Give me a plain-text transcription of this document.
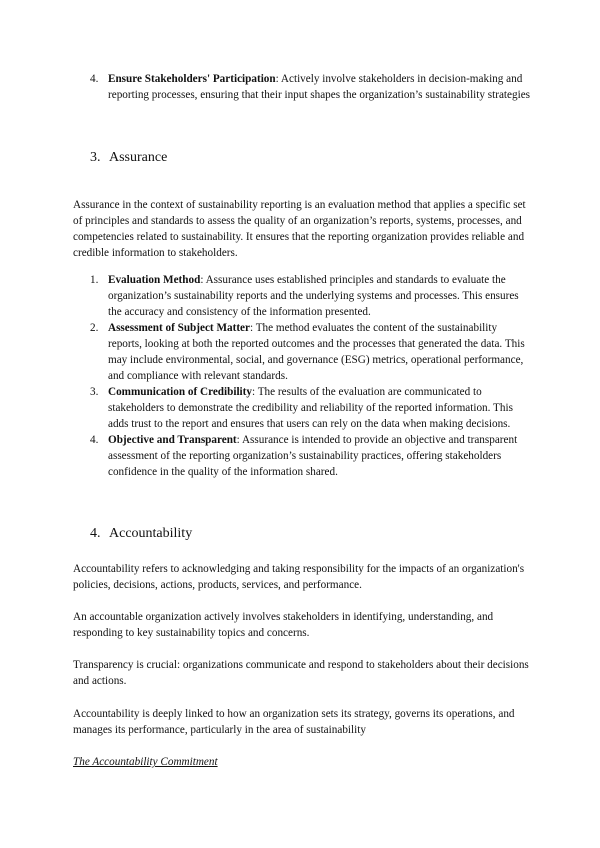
4. Ensure Stakeholders' Participation: Actively involve stakeholders in decision-making and reporting processes, ensuring that their input shapes the organization’s sustainability strategies
3. Assurance

Assurance in the context of sustainability reporting is an evaluation method that applies a specific set of principles and standards to assess the quality of an organization’s reports, systems, processes, and competencies related to sustainability. It ensures that the reporting organization provides reliable and credible information to stakeholders.

1. Evaluation Method: Assurance uses established principles and standards to evaluate the organization’s sustainability reports and the underlying systems and processes. This ensures the accuracy and consistency of the information presented.
2. Assessment of Subject Matter: The method evaluates the content of the sustainability reports, looking at both the reported outcomes and the processes that generated the data. This may include environmental, social, and governance (ESG) metrics, operational performance, and compliance with relevant standards.
3. Communication of Credibility: The results of the evaluation are communicated to stakeholders to demonstrate the credibility and reliability of the reported information. This adds trust to the report and ensures that users can rely on the data when making decisions.
4. Objective and Transparent: Assurance is intended to provide an objective and transparent assessment of the reporting organization’s sustainability practices, offering stakeholders confidence in the quality of the information shared.
4. Accountability

Accountability refers to acknowledging and taking responsibility for the impacts of an organization's policies, decisions, actions, products, services, and performance.

An accountable organization actively involves stakeholders in identifying, understanding, and responding to key sustainability topics and concerns.

Transparency is crucial: organizations communicate and respond to stakeholders about their decisions and actions.

Accountability is deeply linked to how an organization sets its strategy, governs its operations, and manages its performance, particularly in the area of sustainability

The Accountability Commitment
